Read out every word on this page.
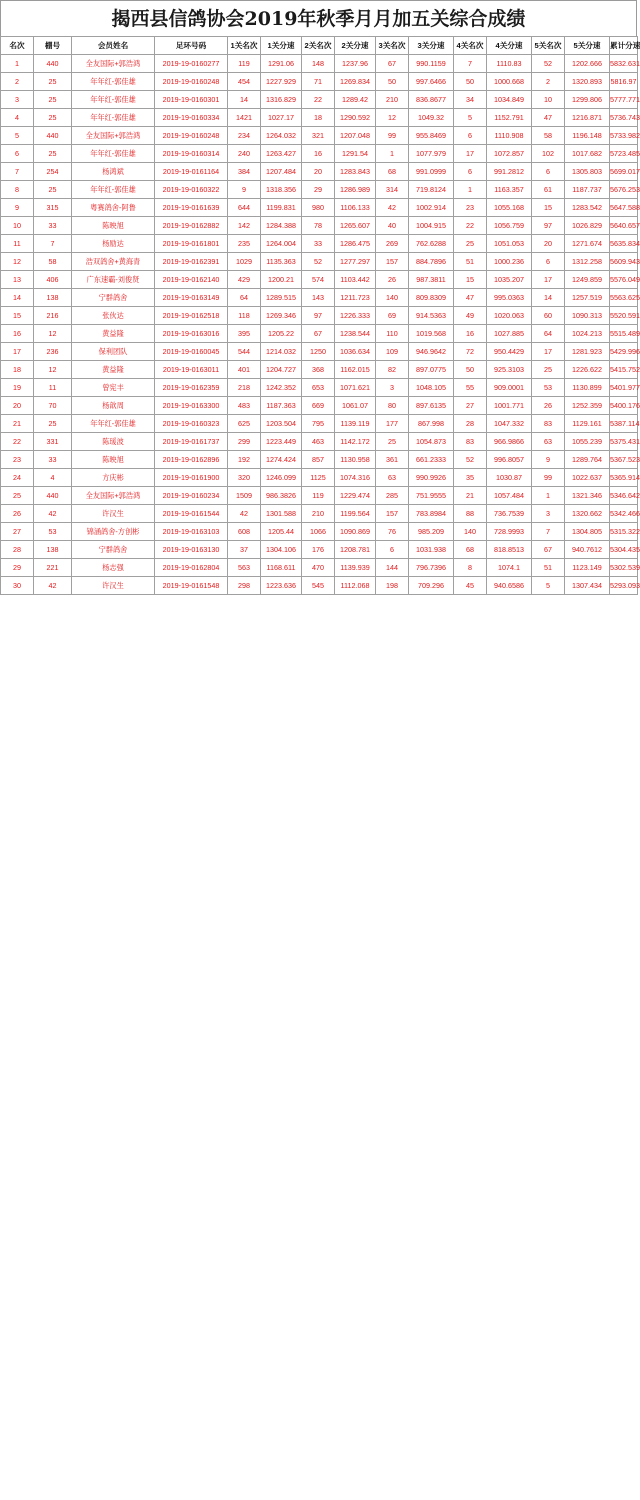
揭西县信鸽协会2019年秋季月月加五关综合成绩
名次	棚号	会员姓名	足环号码	1关名次	1关分速	2关名次	2关分速	3关名次	3关分速	4关名次	4关分速	5关名次	5关分速	累计分速
1	440	全友国际+郭浩鸿	2019-19-0160277	119	1291.06	148	1237.96	67	990.1159	7	1110.83	52	1202.666	5832.631
2	25	年年红-郭佳雄	2019-19-0160248	454	1227.929	71	1269.834	50	997.6466	50	1000.668	2	1320.893	5816.97
3	25	年年红-郭佳雄	2019-19-0160301	14	1316.829	22	1289.42	210	836.8677	34	1034.849	10	1299.806	5777.771
4	25	年年红-郭佳雄	2019-19-0160334	1421	1027.17	18	1290.592	12	1049.32	5	1152.791	47	1216.871	5736.743
5	440	全友国际+郭浩鸿	2019-19-0160248	234	1264.032	321	1207.048	99	955.8469	6	1110.908	58	1196.148	5733.982
6	25	年年红-郭佳雄	2019-19-0160314	240	1263.427	16	1291.54	1	1077.979	17	1072.857	102	1017.682	5723.485
7	254	杨鸿斌	2019-19-0161164	384	1207.484	20	1283.843	68	991.0999	6	991.2812	6	1305.803	5699.017
8	25	年年红-郭佳雄	2019-19-0160322	9	1318.356	29	1286.989	314	719.8124	1	1163.357	61	1187.737	5676.253
9	315	粤赛鸽舍-阿鲁	2019-19-0161639	644	1199.831	980	1106.133	42	1002.914	23	1055.168	15	1283.542	5647.588
10	33	陈映旭	2019-19-0162882	142	1284.388	78	1265.607	40	1004.915	22	1056.759	97	1026.829	5640.657
11	7	杨励达	2019-19-0161801	235	1264.004	33	1286.475	269	762.6288	25	1051.053	20	1271.674	5635.834
12	58	浩双鸽舍+黄海青	2019-19-0162391	1029	1135.363	52	1277.297	157	884.7896	51	1000.236	6	1312.258	5609.943
13	406	广东速霸-刘俊贤	2019-19-0162140	429	1200.21	574	1103.442	26	987.3811	15	1035.207	17	1249.859	5576.049
14	138	宁群鸽舍	2019-19-0163149	64	1289.515	143	1211.723	140	809.8309	47	995.0363	14	1257.519	5563.625
15	216	张伙达	2019-19-0162518	118	1269.346	97	1226.333	69	914.5363	49	1020.063	60	1090.313	5520.591
16	12	黄益隆	2019-19-0163016	395	1205.22	67	1238.544	110	1019.568	16	1027.885	64	1024.213	5515.489
17	236	保利团队	2019-19-0160045	544	1214.032	1250	1036.634	109	946.9642	72	950.4429	17	1281.923	5429.996
18	12	黄益隆	2019-19-0163011	401	1204.727	368	1162.015	82	897.0775	50	925.3103	25	1226.622	5415.752
19	11	曾宪丰	2019-19-0162359	218	1242.352	653	1071.621	3	1048.105	55	909.0001	53	1130.899	5401.977
20	70	杨歆周	2019-19-0163300	483	1187.363	669	1061.07	80	897.6135	27	1001.771	26	1252.359	5400.176
21	25	年年红-郭佳雄	2019-19-0160323	625	1203.504	795	1139.119	177	867.998	28	1047.332	83	1129.161	5387.114
22	331	陈瑗波	2019-19-0161737	299	1223.449	463	1142.172	25	1054.873	83	966.9866	63	1055.239	5375.431
23	33	陈映旭	2019-19-0162896	192	1274.424	857	1130.958	361	661.2333	52	996.8057	9	1289.764	5367.523
24	4	方庆彬	2019-19-0161900	320	1246.099	1125	1074.316	63	990.9926	35	1030.87	99	1022.637	5365.914
25	440	全友国际+郭浩鸿	2019-19-0160234	1509	986.3826	119	1229.474	285	751.9555	21	1057.484	1	1321.346	5346.642
26	42	许汉生	2019-19-0161544	42	1301.588	210	1199.564	157	783.8984	88	736.7539	3	1320.662	5342.466
27	53	锦涵鸽舍-方创彬	2019-19-0163103	608	1205.44	1066	1090.869	76	985.209	140	728.9993	7	1304.805	5315.322
28	138	宁群鸽舍	2019-19-0163130	37	1304.106	176	1208.781	6	1031.938	68	818.8513	67	940.7612	5304.435
29	221	杨志强	2019-19-0162804	563	1168.611	470	1139.939	144	796.7396	8	1074.1	51	1123.149	5302.539
30	42	许汉生	2019-19-0161548	298	1223.636	545	1112.068	198	709.296	45	940.6586	5	1307.434	5293.093
